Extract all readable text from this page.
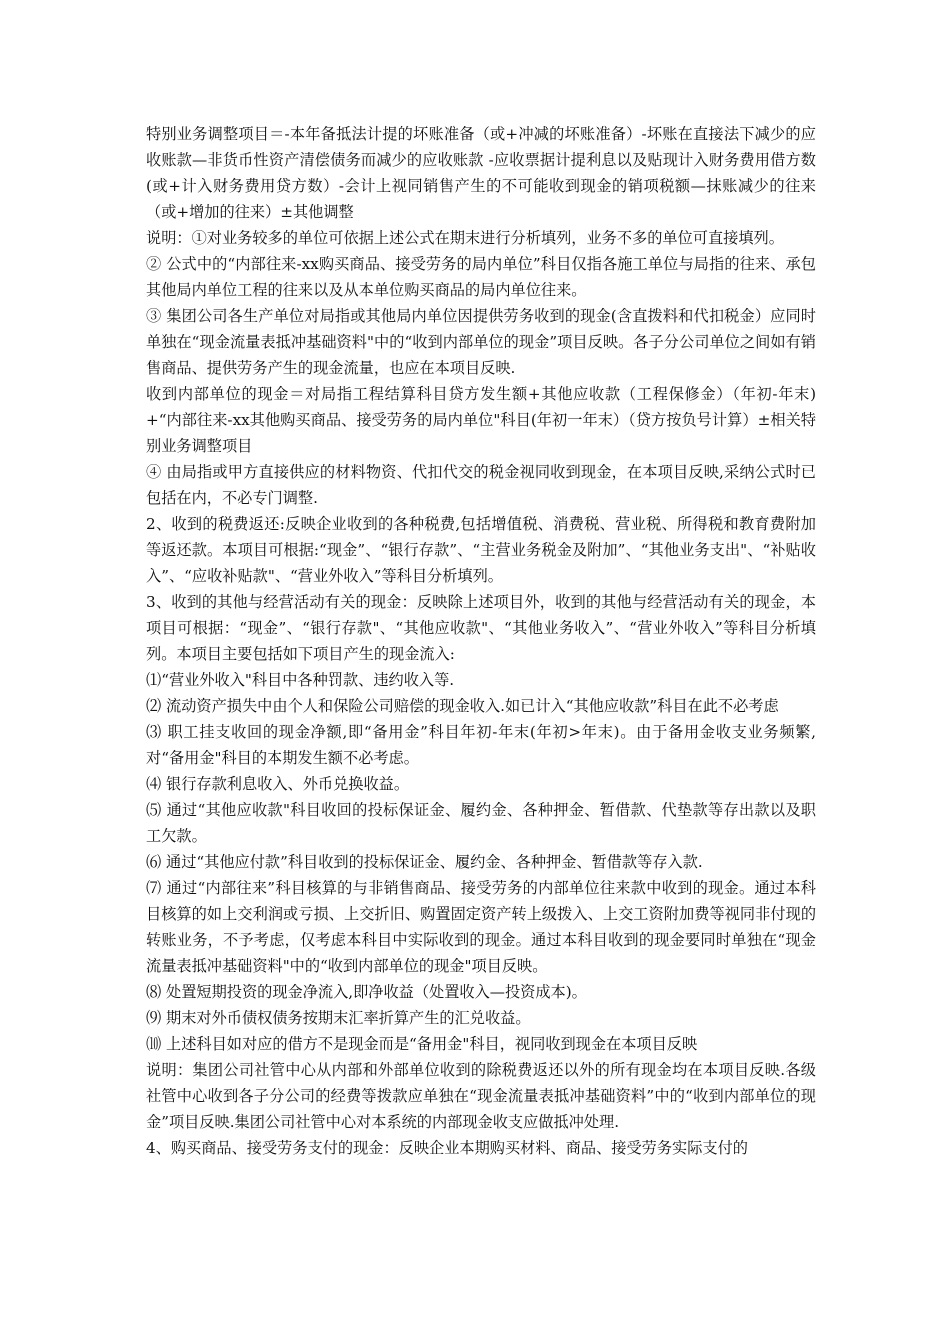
特别业务调整项目＝-本年备抵法计提的坏账准备（或+冲减的坏账准备）-坏账在直接法下减少的应收账款—非货币性资产清偿债务而减少的应收账款 -应收票据计提利息以及贴现计入财务费用借方数(或+计入财务费用贷方数）-会计上视同销售产生的不可能收到现金的销项税额—抹账减少的往来（或+增加的往来）±其他调整

说明：①对业务较多的单位可依据上述公式在期末进行分析填列，业务不多的单位可直接填列。

② 公式中的“内部往来-xx购买商品、接受劳务的局内单位”科目仅指各施工单位与局指的往来、承包其他局内单位工程的往来以及从本单位购买商品的局内单位往来。

③ 集团公司各生产单位对局指或其他局内单位因提供劳务收到的现金(含直拨料和代扣税金）应同时单独在“现金流量表抵冲基础资料"中的“收到内部单位的现金”项目反映。各子分公司单位之间如有销售商品、提供劳务产生的现金流量，也应在本项目反映.

收到内部单位的现金＝对局指工程结算科目贷方发生额+其他应收款（工程保修金）（年初-年末)+“内部往来-xx其他购买商品、接受劳务的局内单位"科目(年初一年末）（贷方按负号计算）±相关特别业务调整项目

④ 由局指或甲方直接供应的材料物资、代扣代交的税金视同收到现金，在本项目反映,采纳公式时已包括在内，不必专门调整.

2、收到的税费返还:反映企业收到的各种税费,包括增值税、消费税、营业税、所得税和教育费附加等返还款。本项目可根据:“现金”、“银行存款”、“主营业务税金及附加”、“其他业务支出"、“补贴收入”、“应收补贴款"、“营业外收入”等科目分析填列。

3、收到的其他与经营活动有关的现金：反映除上述项目外，收到的其他与经营活动有关的现金，本项目可根据：“现金”、“银行存款"、“其他应收款"、“其他业务收入”、“营业外收入”等科目分析填列。本项目主要包括如下项目产生的现金流入:

⑴“营业外收入"科目中各种罚款、违约收入等.

⑵ 流动资产损失中由个人和保险公司赔偿的现金收入.如已计入“其他应收款”科目在此不必考虑

⑶ 职工挂支收回的现金净额,即“备用金”科目年初-年末(年初>年末)。由于备用金收支业务频繁,对“备用金"科目的本期发生额不必考虑。

⑷ 银行存款利息收入、外币兑换收益。

⑸ 通过“其他应收款"科目收回的投标保证金、履约金、各种押金、暂借款、代垫款等存出款以及职工欠款。

⑹ 通过“其他应付款”科目收到的投标保证金、履约金、各种押金、暂借款等存入款.

⑺ 通过“内部往来”科目核算的与非销售商品、接受劳务的内部单位往来款中收到的现金。通过本科目核算的如上交利润或亏损、上交折旧、购置固定资产转上级拨入、上交工资附加费等视同非付现的转账业务，不予考虑，仅考虑本科目中实际收到的现金。通过本科目收到的现金要同时单独在“现金流量表抵冲基础资料"中的“收到内部单位的现金"项目反映。

⑻ 处置短期投资的现金净流入,即净收益（处置收入—投资成本)。

⑼ 期末对外币债权债务按期末汇率折算产生的汇兑收益。

⑽ 上述科目如对应的借方不是现金而是“备用金"科目，视同收到现金在本项目反映

说明：集团公司社管中心从内部和外部单位收到的除税费返还以外的所有现金均在本项目反映.各级社管中心收到各子分公司的经费等拨款应单独在“现金流量表抵冲基础资料”中的“收到内部单位的现金”项目反映.集团公司社管中心对本系统的内部现金收支应做抵冲处理.

4、购买商品、接受劳务支付的现金：反映企业本期购买材料、商品、接受劳务实际支付的
